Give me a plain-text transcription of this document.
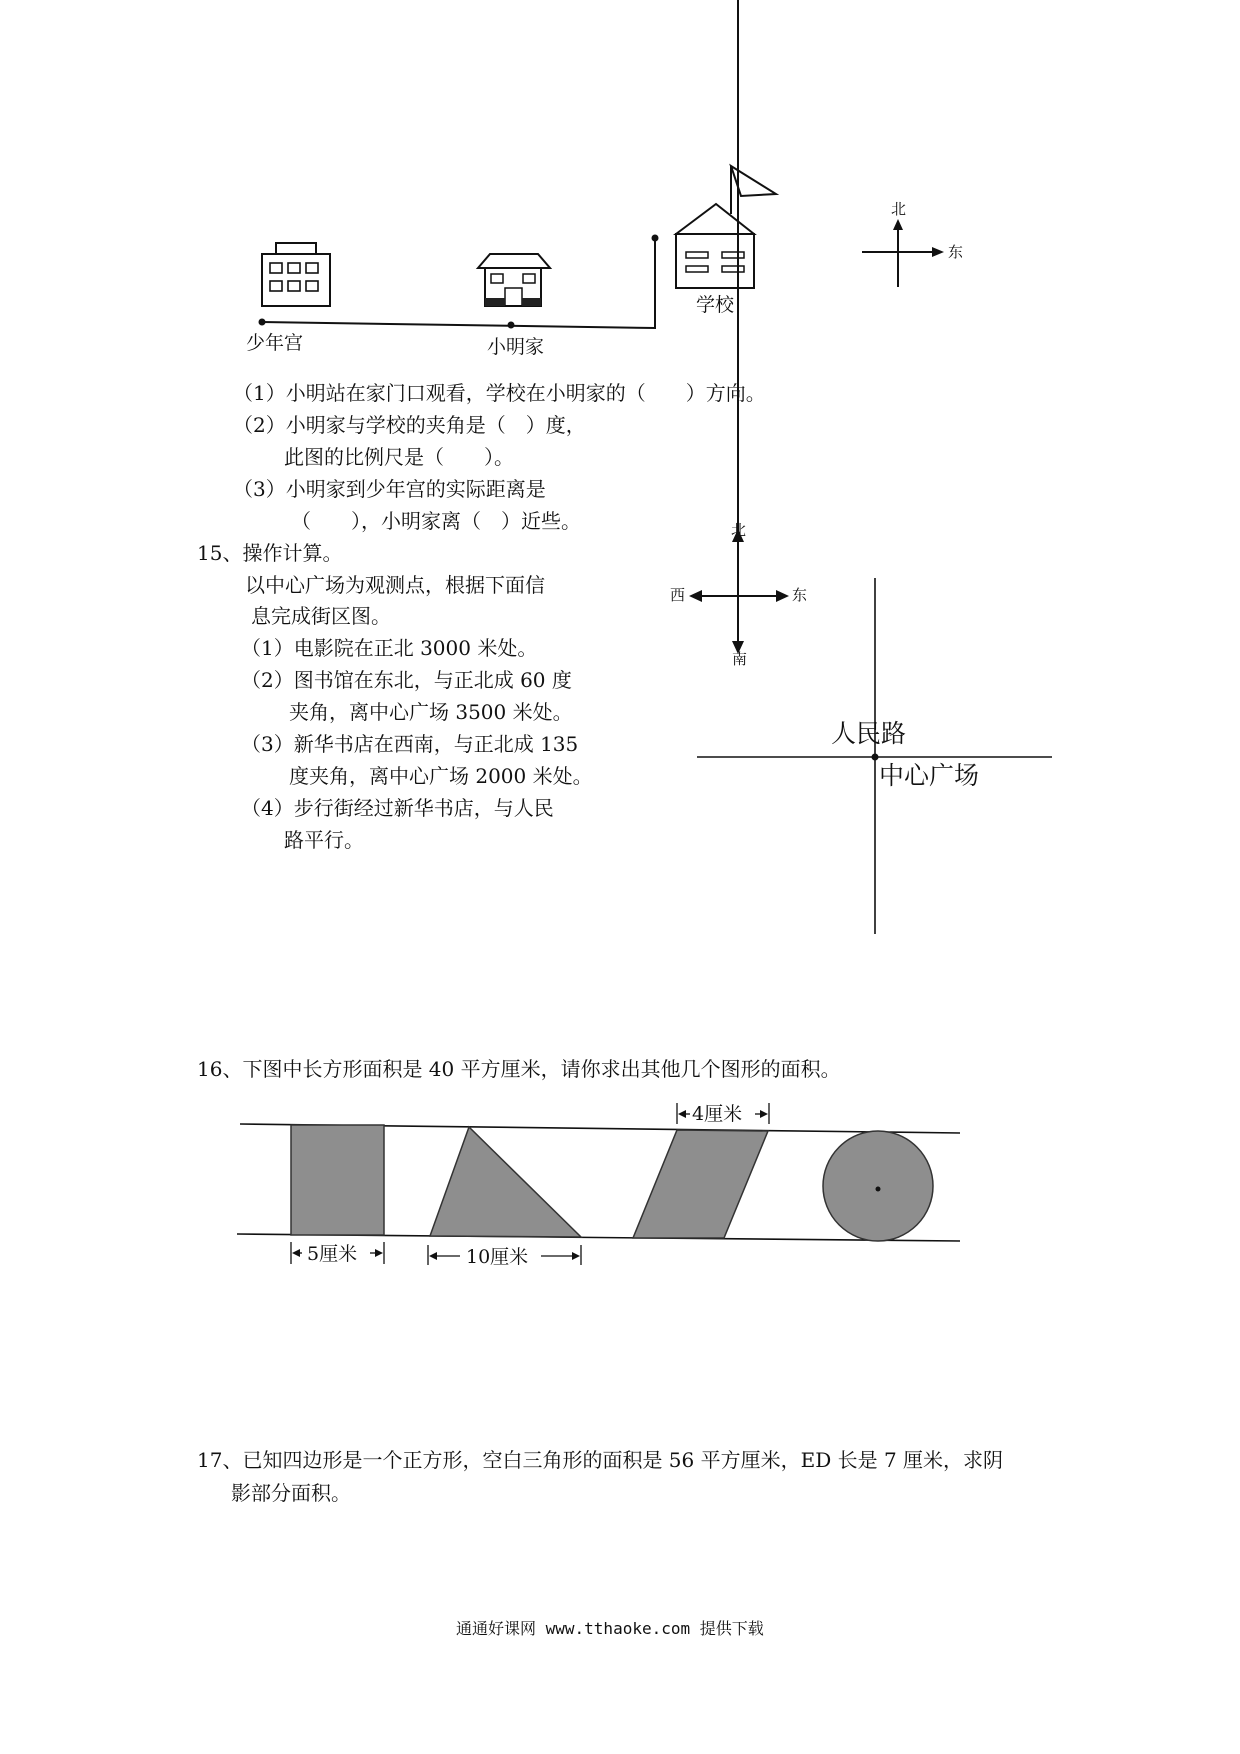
少年宫	小明家
学校
北
东
（1）小明站在家门口观看，学校在小明家的（　　）方向。
（2）小明家与学校的夹角是（　）度，
此图的比例尺是（　　）。
（3）小明家到少年宫的实际距离是
（　　），小明家离（　）近些。
15、操作计算。
以中心广场为观测点，根据下面信
息完成街区图。
（1）电影院在正北 3000 米处。
（2）图书馆在东北，与正北成 60 度
夹角，离中心广场 3500 米处。
（3）新华书店在西南，与正北成 135
度夹角，离中心广场 2000 米处。
（4）步行街经过新华书店，与人民
路平行。
北
南
西	东
人民路
中心广场
16、下图中长方形面积是 40 平方厘米，请你求出其他几个图形的面积。
5厘米	10厘米
4厘米
17、已知四边形是一个正方形，空白三角形的面积是 56 平方厘米，ED 长是 7 厘米，求阴
影部分面积。
通通好课网 www.tthaoke.com 提供下载
